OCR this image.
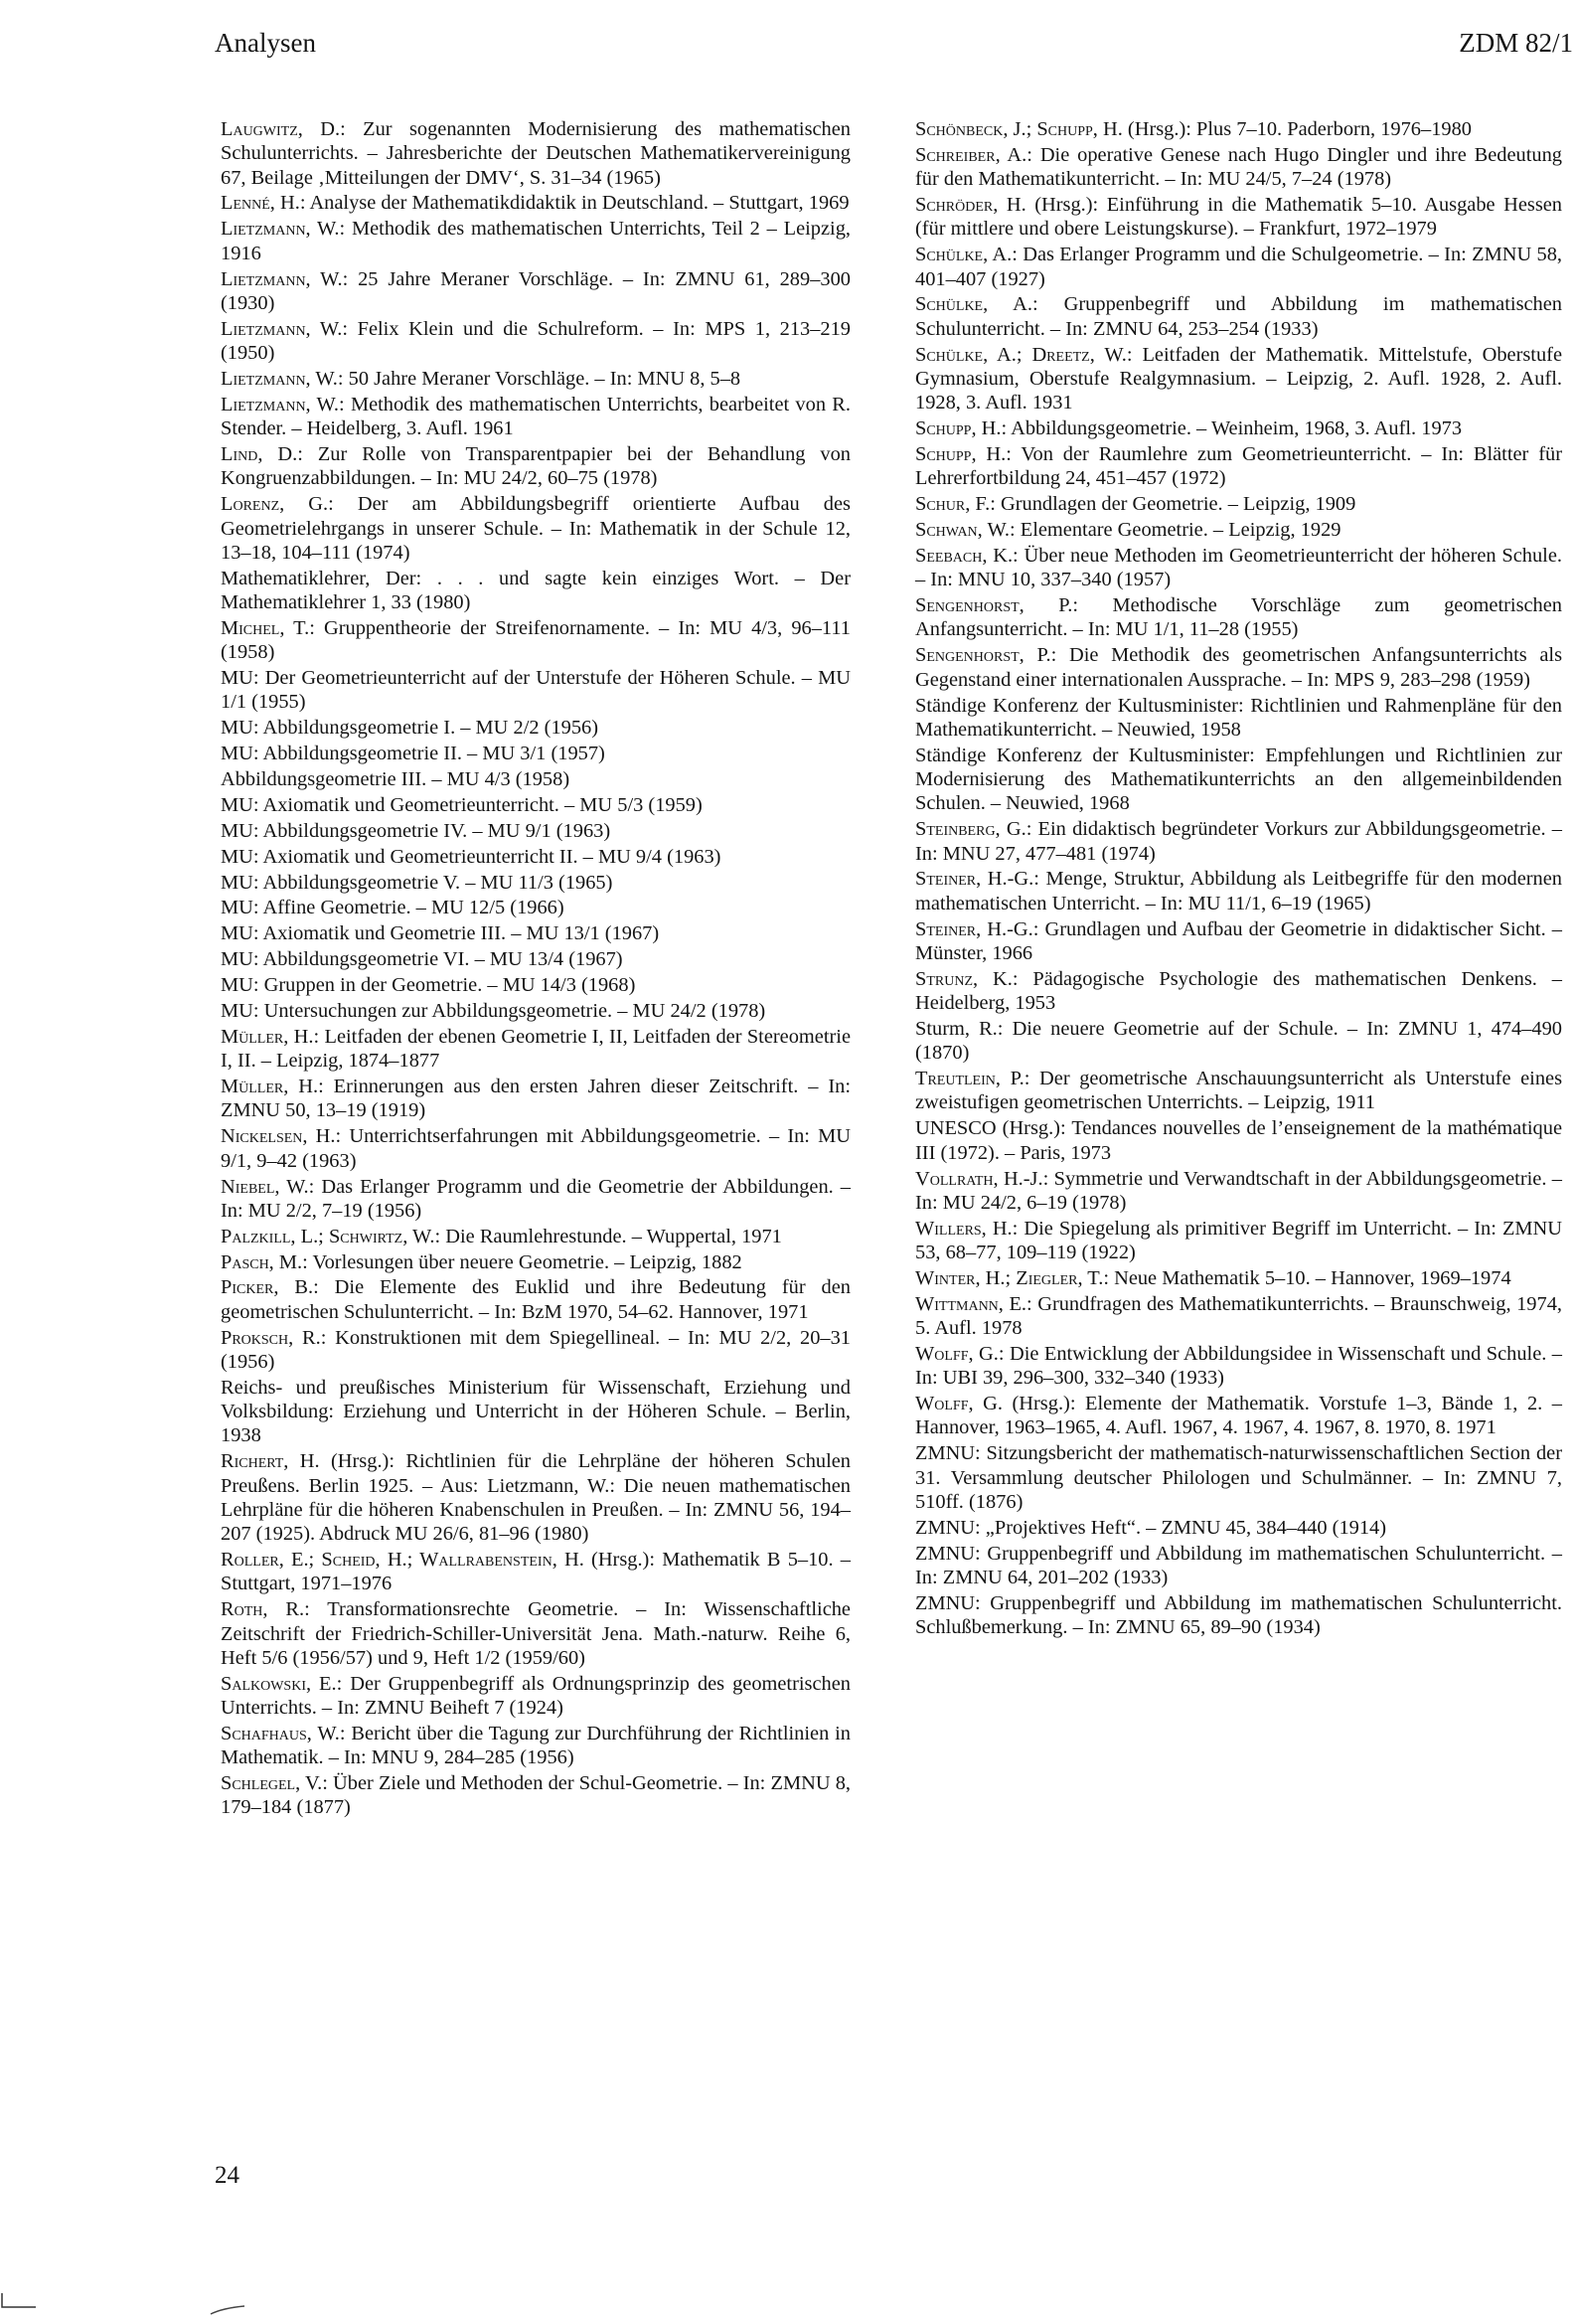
Analysen	ZDM 82/1

Laugwitz, D.: Zur sogenannten Modernisierung des mathematischen Schulunterrichts. – Jahresberichte der Deutschen Mathematikervereinigung 67, Beilage ‚Mitteilungen der DMV‘, S. 31–34 (1965)

Lenné, H.: Analyse der Mathematikdidaktik in Deutschland. – Stuttgart, 1969

Lietzmann, W.: Methodik des mathematischen Unterrichts, Teil 2 – Leipzig, 1916

Lietzmann, W.: 25 Jahre Meraner Vorschläge. – In: ZMNU 61, 289–300 (1930)

Lietzmann, W.: Felix Klein und die Schulreform. – In: MPS 1, 213–219 (1950)

Lietzmann, W.: 50 Jahre Meraner Vorschläge. – In: MNU 8, 5–8

Lietzmann, W.: Methodik des mathematischen Unterrichts, bearbeitet von R. Stender. – Heidelberg, 3. Aufl. 1961

Lind, D.: Zur Rolle von Transparentpapier bei der Behandlung von Kongruenzabbildungen. – In: MU 24/2, 60–75 (1978)

Lorenz, G.: Der am Abbildungsbegriff orientierte Aufbau des Geometrielehrgangs in unserer Schule. – In: Mathematik in der Schule 12, 13–18, 104–111 (1974)

Mathematiklehrer, Der: . . . und sagte kein einziges Wort. – Der Mathematiklehrer 1, 33 (1980)

Michel, T.: Gruppentheorie der Streifenornamente. – In: MU 4/3, 96–111 (1958)

MU: Der Geometrieunterricht auf der Unterstufe der Höheren Schule. – MU 1/1 (1955)

MU: Abbildungsgeometrie I. – MU 2/2 (1956)

MU: Abbildungsgeometrie II. – MU 3/1 (1957)

Abbildungsgeometrie III. – MU 4/3 (1958)

MU: Axiomatik und Geometrieunterricht. – MU 5/3 (1959)

MU: Abbildungsgeometrie IV. – MU 9/1 (1963)

MU: Axiomatik und Geometrieunterricht II. – MU 9/4 (1963)

MU: Abbildungsgeometrie V. – MU 11/3 (1965)

MU: Affine Geometrie. – MU 12/5 (1966)

MU: Axiomatik und Geometrie III. – MU 13/1 (1967)

MU: Abbildungsgeometrie VI. – MU 13/4 (1967)

MU: Gruppen in der Geometrie. – MU 14/3 (1968)

MU: Untersuchungen zur Abbildungsgeometrie. – MU 24/2 (1978)

Müller, H.: Leitfaden der ebenen Geometrie I, II, Leitfaden der Stereometrie I, II. – Leipzig, 1874–1877

Müller, H.: Erinnerungen aus den ersten Jahren dieser Zeitschrift. – In: ZMNU 50, 13–19 (1919)

Nickelsen, H.: Unterrichtserfahrungen mit Abbildungsgeometrie. – In: MU 9/1, 9–42 (1963)

Niebel, W.: Das Erlanger Programm und die Geometrie der Abbildungen. – In: MU 2/2, 7–19 (1956)

Palzkill, L.; Schwirtz, W.: Die Raumlehrestunde. – Wuppertal, 1971

Pasch, M.: Vorlesungen über neuere Geometrie. – Leipzig, 1882

Picker, B.: Die Elemente des Euklid und ihre Bedeutung für den geometrischen Schulunterricht. – In: BzM 1970, 54–62. Hannover, 1971

Proksch, R.: Konstruktionen mit dem Spiegellineal. – In: MU 2/2, 20–31 (1956)

Reichs- und preußisches Ministerium für Wissenschaft, Erziehung und Volksbildung: Erziehung und Unterricht in der Höheren Schule. – Berlin, 1938

Richert, H. (Hrsg.): Richtlinien für die Lehrpläne der höheren Schulen Preußens. Berlin 1925. – Aus: Lietzmann, W.: Die neuen mathematischen Lehrpläne für die höheren Knabenschulen in Preußen. – In: ZMNU 56, 194–207 (1925). Abdruck MU 26/6, 81–96 (1980)

Roller, E.; Scheid, H.; Wallrabenstein, H. (Hrsg.): Mathematik B 5–10. – Stuttgart, 1971–1976

Roth, R.: Transformationsrechte Geometrie. – In: Wissenschaftliche Zeitschrift der Friedrich-Schiller-Universität Jena. Math.-naturw. Reihe 6, Heft 5/6 (1956/57) und 9, Heft 1/2 (1959/60)

Salkowski, E.: Der Gruppenbegriff als Ordnungsprinzip des geometrischen Unterrichts. – In: ZMNU Beiheft 7 (1924)

Schafhaus, W.: Bericht über die Tagung zur Durchführung der Richtlinien in Mathematik. – In: MNU 9, 284–285 (1956)

Schlegel, V.: Über Ziele und Methoden der Schul-Geometrie. – In: ZMNU 8, 179–184 (1877)

Schönbeck, J.; Schupp, H. (Hrsg.): Plus 7–10. Paderborn, 1976–1980

Schreiber, A.: Die operative Genese nach Hugo Dingler und ihre Bedeutung für den Mathematikunterricht. – In: MU 24/5, 7–24 (1978)

Schröder, H. (Hrsg.): Einführung in die Mathematik 5–10. Ausgabe Hessen (für mittlere und obere Leistungskurse). – Frankfurt, 1972–1979

Schülke, A.: Das Erlanger Programm und die Schulgeometrie. – In: ZMNU 58, 401–407 (1927)

Schülke, A.: Gruppenbegriff und Abbildung im mathematischen Schulunterricht. – In: ZMNU 64, 253–254 (1933)

Schülke, A.; Dreetz, W.: Leitfaden der Mathematik. Mittelstufe, Oberstufe Gymnasium, Oberstufe Realgymnasium. – Leipzig, 2. Aufl. 1928, 2. Aufl. 1928, 3. Aufl. 1931

Schupp, H.: Abbildungsgeometrie. – Weinheim, 1968, 3. Aufl. 1973

Schupp, H.: Von der Raumlehre zum Geometrieunterricht. – In: Blätter für Lehrerfortbildung 24, 451–457 (1972)

Schur, F.: Grundlagen der Geometrie. – Leipzig, 1909

Schwan, W.: Elementare Geometrie. – Leipzig, 1929

Seebach, K.: Über neue Methoden im Geometrieunterricht der höheren Schule. – In: MNU 10, 337–340 (1957)

Sengenhorst, P.: Methodische Vorschläge zum geometrischen Anfangsunterricht. – In: MU 1/1, 11–28 (1955)

Sengenhorst, P.: Die Methodik des geometrischen Anfangsunterrichts als Gegenstand einer internationalen Aussprache. – In: MPS 9, 283–298 (1959)

Ständige Konferenz der Kultusminister: Richtlinien und Rahmenpläne für den Mathematikunterricht. – Neuwied, 1958

Ständige Konferenz der Kultusminister: Empfehlungen und Richtlinien zur Modernisierung des Mathematikunterrichts an den allgemeinbildenden Schulen. – Neuwied, 1968

Steinberg, G.: Ein didaktisch begründeter Vorkurs zur Abbildungsgeometrie. – In: MNU 27, 477–481 (1974)

Steiner, H.-G.: Menge, Struktur, Abbildung als Leitbegriffe für den modernen mathematischen Unterricht. – In: MU 11/1, 6–19 (1965)

Steiner, H.-G.: Grundlagen und Aufbau der Geometrie in didaktischer Sicht. – Münster, 1966

Strunz, K.: Pädagogische Psychologie des mathematischen Denkens. – Heidelberg, 1953

Sturm, R.: Die neuere Geometrie auf der Schule. – In: ZMNU 1, 474–490 (1870)

Treutlein, P.: Der geometrische Anschauungsunterricht als Unterstufe eines zweistufigen geometrischen Unterrichts. – Leipzig, 1911

UNESCO (Hrsg.): Tendances nouvelles de l’enseignement de la mathématique III (1972). – Paris, 1973

Vollrath, H.-J.: Symmetrie und Verwandtschaft in der Abbildungsgeometrie. – In: MU 24/2, 6–19 (1978)

Willers, H.: Die Spiegelung als primitiver Begriff im Unterricht. – In: ZMNU 53, 68–77, 109–119 (1922)

Winter, H.; Ziegler, T.: Neue Mathematik 5–10. – Hannover, 1969–1974

Wittmann, E.: Grundfragen des Mathematikunterrichts. – Braunschweig, 1974, 5. Aufl. 1978

Wolff, G.: Die Entwicklung der Abbildungsidee in Wissenschaft und Schule. – In: UBI 39, 296–300, 332–340 (1933)

Wolff, G. (Hrsg.): Elemente der Mathematik. Vorstufe 1–3, Bände 1, 2. – Hannover, 1963–1965, 4. Aufl. 1967, 4. 1967, 4. 1967, 8. 1970, 8. 1971

ZMNU: Sitzungsbericht der mathematisch-naturwissenschaftlichen Section der 31. Versammlung deutscher Philologen und Schulmänner. – In: ZMNU 7, 510ff. (1876)

ZMNU: „Projektives Heft“. – ZMNU 45, 384–440 (1914)

ZMNU: Gruppenbegriff und Abbildung im mathematischen Schulunterricht. – In: ZMNU 64, 201–202 (1933)

ZMNU: Gruppenbegriff und Abbildung im mathematischen Schulunterricht. Schlußbemerkung. – In: ZMNU 65, 89–90 (1934)

24
